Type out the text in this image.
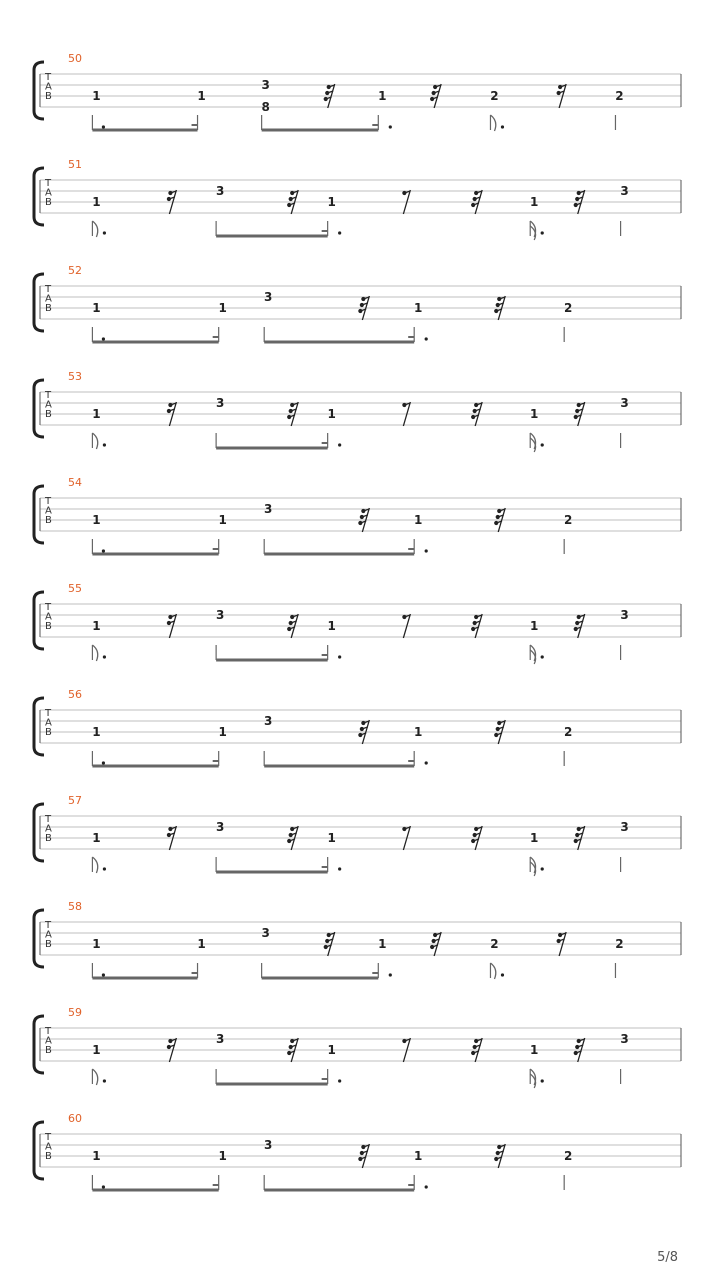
50
T
A
B	1	1
3
8
1	2	2
51
T
A
B	1
3
1	1
3
52
T
A
B	1	1
3
1	2
53
T
A
B	1
3
1	1
3
54
T
A
B	1	1
3
1	2
55
T
A
B	1
3
1	1
3
56
T
A
B	1	1
3
1	2
57
T
A
B	1
3
1	1
3
58
T
A
B	1	1
3
1	2	2
59
T
A
B	1
3
1	1
3
60
T
A
B	1	1
3
1	2
5/8
